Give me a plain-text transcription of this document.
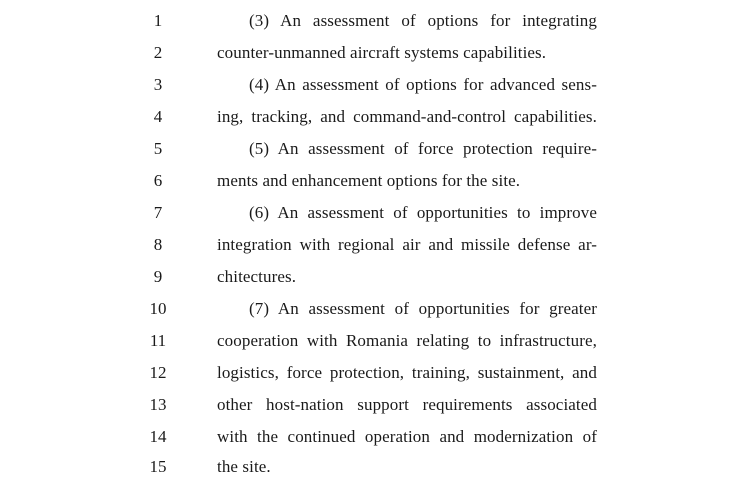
1	(3) An assessment of options for integrating
2	counter-unmanned aircraft systems capabilities.
3	(4) An assessment of options for advanced sens-
4	ing, tracking, and command-and-control capabilities.
5	(5) An assessment of force protection require-
6	ments and enhancement options for the site.
7	(6) An assessment of opportunities to improve
8	integration with regional air and missile defense ar-
9	chitectures.
10	(7) An assessment of opportunities for greater
11	cooperation with Romania relating to infrastructure,
12	logistics, force protection, training, sustainment, and
13	other host-nation support requirements associated
14	with the continued operation and modernization of
15	the site.
